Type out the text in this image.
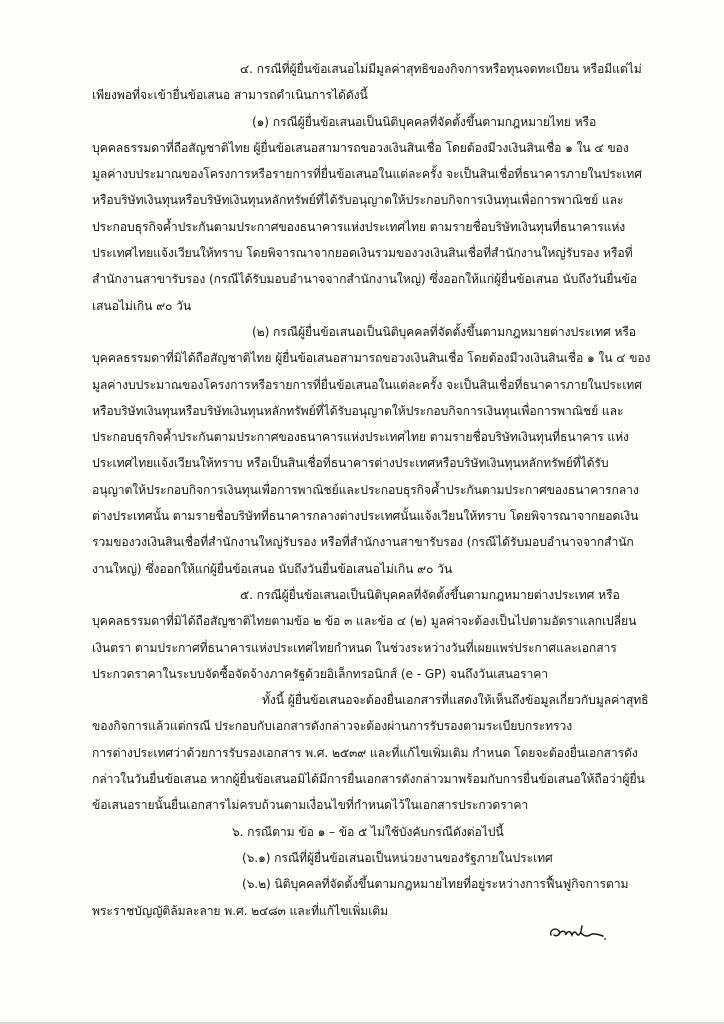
๔. กรณีที่ผู้ยื่นข้อเสนอไม่มีมูลค่าสุทธิของกิจการหรือทุนจดทะเบียน หรือมีแต่ไม่
เพียงพอที่จะเข้ายื่นข้อเสนอ สามารถดำเนินการได้ดังนี้
(๑) กรณีผู้ยื่นข้อเสนอเป็นนิติบุคคลที่จัดตั้งขึ้นตามกฎหมายไทย หรือ
บุคคลธรรมดาที่ถือสัญชาติไทย ผู้ยื่นข้อเสนอสามารถขอวงเงินสินเชื่อ โดยต้องมีวงเงินสินเชื่อ ๑ ใน ๔ ของ
มูลค่างบประมาณของโครงการหรือรายการที่ยื่นข้อเสนอในแต่ละครั้ง จะเป็นสินเชื่อที่ธนาคารภายในประเทศ
หรือบริษัทเงินทุนหรือบริษัทเงินทุนหลักทรัพย์ที่ได้รับอนุญาตให้ประกอบกิจการเงินทุนเพื่อการพาณิชย์ และ
ประกอบธุรกิจค้ำประกันตามประกาศของธนาคารแห่งประเทศไทย ตามรายชื่อบริษัทเงินทุนที่ธนาคารแห่ง
ประเทศไทยแจ้งเวียนให้ทราบ โดยพิจารณาจากยอดเงินรวมของวงเงินสินเชื่อที่สำนักงานใหญ่รับรอง หรือที่
สำนักงานสาขารับรอง (กรณีได้รับมอบอำนาจจากสำนักงานใหญ่) ซึ่งออกให้แก่ผู้ยื่นข้อเสนอ นับถึงวันยื่นข้อ
เสนอไม่เกิน ๙๐ วัน
(๒) กรณีผู้ยื่นข้อเสนอเป็นนิติบุคคลที่จัดตั้งขึ้นตามกฎหมายต่างประเทศ หรือ
บุคคลธรรมดาที่มิได้ถือสัญชาติไทย ผู้ยื่นข้อเสนอสามารถขอวงเงินสินเชื่อ โดยต้องมีวงเงินสินเชื่อ ๑ ใน ๔ ของ
มูลค่างบประมาณของโครงการหรือรายการที่ยื่นข้อเสนอในแต่ละครั้ง จะเป็นสินเชื่อที่ธนาคารภายในประเทศ
หรือบริษัทเงินทุนหรือบริษัทเงินทุนหลักทรัพย์ที่ได้รับอนุญาตให้ประกอบกิจการเงินทุนเพื่อการพาณิชย์ และ
ประกอบธุรกิจค้ำประกันตามประกาศของธนาคารแห่งประเทศไทย ตามรายชื่อบริษัทเงินทุนที่ธนาคาร แห่ง
ประเทศไทยแจ้งเวียนให้ทราบ หรือเป็นสินเชื่อที่ธนาคารต่างประเทศหรือบริษัทเงินทุนหลักทรัพย์ที่ได้รับ
อนุญาตให้ประกอบกิจการเงินทุนเพื่อการพาณิชย์และประกอบธุรกิจค้ำประกันตามประกาศของธนาคารกลาง
ต่างประเทศนั้น ตามรายชื่อบริษัทที่ธนาคารกลางต่างประเทศนั้นแจ้งเวียนให้ทราบ โดยพิจารณาจากยอดเงิน
รวมของวงเงินสินเชื่อที่สำนักงานใหญ่รับรอง หรือที่สำนักงานสาขารับรอง (กรณีได้รับมอบอำนาจจากสำนัก
งานใหญ่) ซึ่งออกให้แก่ผู้ยื่นข้อเสนอ นับถึงวันยื่นข้อเสนอไม่เกิน ๙๐ วัน
๕. กรณีผู้ยื่นข้อเสนอเป็นนิติบุคคลที่จัดตั้งขึ้นตามกฎหมายต่างประเทศ หรือ
บุคคลธรรมดาที่มิได้ถือสัญชาติไทยตามข้อ ๒ ข้อ ๓ และข้อ ๔ (๒) มูลค่าจะต้องเป็นไปตามอัตราแลกเปลี่ยน
เงินตรา ตามประกาศที่ธนาคารแห่งประเทศไทยกำหนด ในช่วงระหว่างวันที่เผยแพร่ประกาศและเอกสาร
ประกวดราคาในระบบจัดซื้อจัดจ้างภาครัฐด้วยอิเล็กทรอนิกส์ (e - GP) จนถึงวันเสนอราคา
ทั้งนี้ ผู้ยื่นข้อเสนอจะต้องยื่นเอกสารที่แสดงให้เห็นถึงข้อมูลเกี่ยวกับมูลค่าสุทธิ
ของกิจการแล้วแต่กรณี ประกอบกับเอกสารดังกล่าวจะต้องผ่านการรับรองตามระเบียบกระทรวง
การต่างประเทศว่าด้วยการรับรองเอกสาร พ.ศ. ๒๕๓๙ และที่แก้ไขเพิ่มเติม กำหนด โดยจะต้องยื่นเอกสารดัง
กล่าวในวันยื่นข้อเสนอ หากผู้ยื่นข้อเสนอมิได้มีการยื่นเอกสารดังกล่าวมาพร้อมกับการยื่นข้อเสนอให้ถือว่าผู้ยื่น
ข้อเสนอรายนั้นยื่นเอกสารไม่ครบถ้วนตามเงื่อนไขที่กำหนดไว้ในเอกสารประกวดราคา
๖. กรณีตาม ข้อ ๑ – ข้อ ๕ ไม่ใช้บังคับกรณีดังต่อไปนี้
(๖.๑) กรณีที่ผู้ยื่นข้อเสนอเป็นหน่วยงานของรัฐภายในประเทศ
(๖.๒) นิติบุคคลที่จัดตั้งขึ้นตามกฎหมายไทยที่อยู่ระหว่างการฟื้นฟูกิจการตาม
พระราชบัญญัติล้มละลาย พ.ศ. ๒๔๘๓ และที่แก้ไขเพิ่มเติม
